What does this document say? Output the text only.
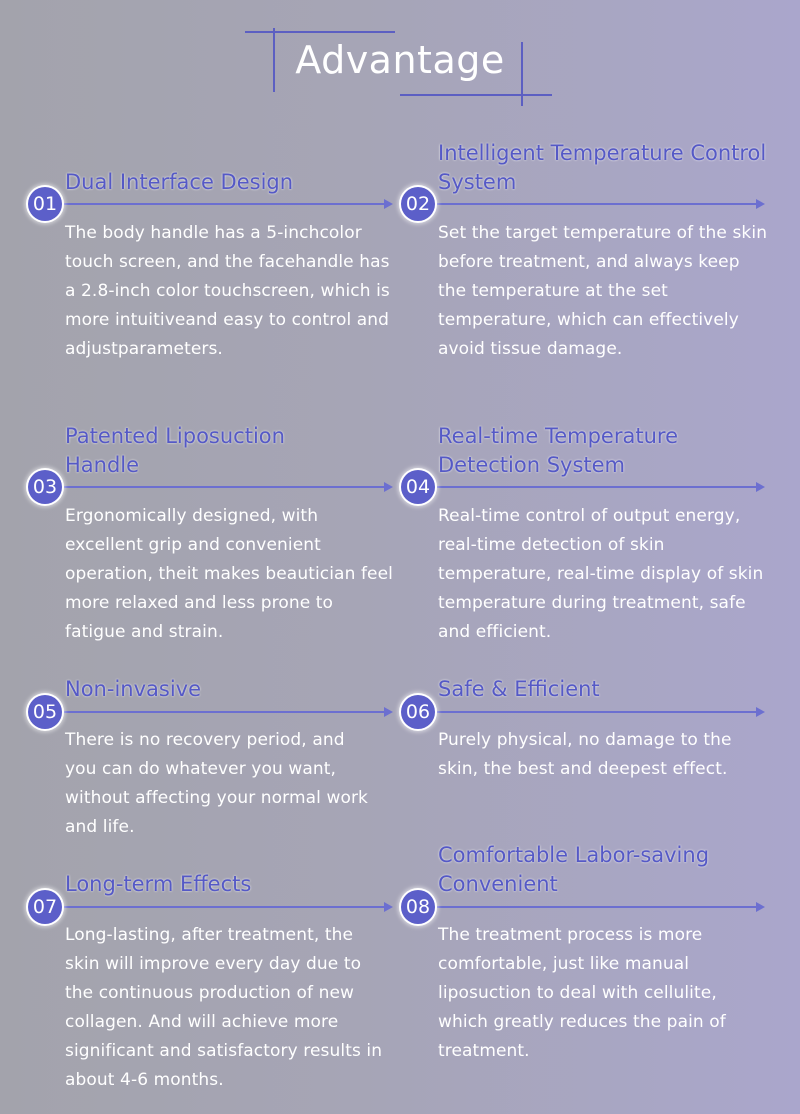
Advantage
Dual Interface Design
01
The body handle has a 5-inchcolor touch screen, and the facehandle has a 2.8-inch color touchscreen, which is more intuitiveand easy to control and adjustparameters.
Intelligent Temperature Control System
02
Set the target temperature of the skin before treatment, and always keep the temperature at the set temperature, which can effectively avoid tissue damage.
Patented Liposuction Handle
03
Ergonomically designed, with excellent grip and convenient operation, theit makes beautician feel more relaxed and less prone to fatigue and strain.
Real-time Temperature Detection System
04
Real-time control of output energy, real-time detection of skin temperature, real-time display of skin temperature during treatment, safe and efficient.
Non-invasive
05
There is no recovery period, and you can do whatever you want, without affecting your normal work and life.
Safe & Efficient
06
Purely physical, no damage to the skin, the best and deepest effect.
Long-term Effects
07
Long-lasting, after treatment, the skin will improve every day due to the continuous production of new collagen. And will achieve more significant and satisfactory results in about 4-6 months.
Comfortable Labor-saving Convenient
08
The treatment process is more comfortable, just like manual liposuction to deal with cellulite, which greatly reduces the pain of treatment.
